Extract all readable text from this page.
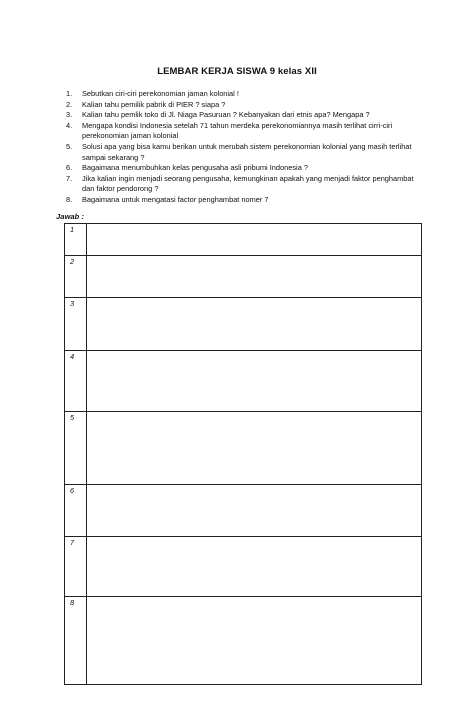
LEMBAR KERJA SISWA 9 kelas XII
1. Sebutkan ciri-ciri perekonomian jaman kolonial !
2. Kalian tahu pemilik pabrik di PIER ? siapa ?
3. Kalian tahu pemlik toko di Jl. Niaga Pasuruan ? Kebanyakan dari etnis apa? Mengapa ?
4. Mengapa kondisi Indonesia setelah 71 tahun merdeka perekonomiannya masih terlihat cirri-ciri perekonomian jaman kolonial
5. Solusi apa yang bisa kamu berikan untuk merubah sistem perekonomian kolonial yang masih terlihat sampai sekarang ?
6. Bagaimana menumbuhkan kelas pengusaha asli pribumi Indonesia ?
7. Jika kalian ingin menjadi seorang pengusaha, kemungkinan apakah yang menjadi faktor penghambat dan faktor pendorong ?
8. Bagaimana untuk mengatasi factor penghambat nomer 7
Jawab :
1	
2	
3	
4	
5	
6	
7	
8	
